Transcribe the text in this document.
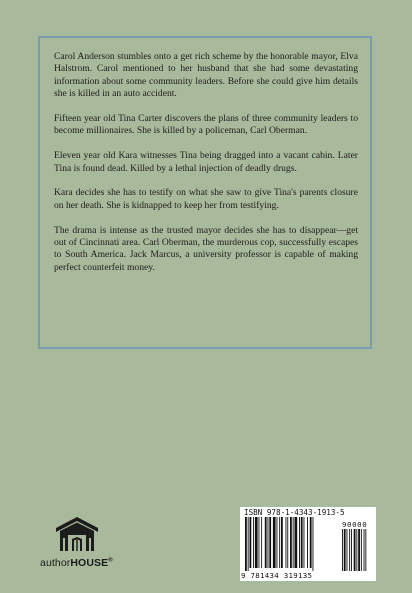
Carol Anderson stumbles onto a get rich scheme by the honorable mayor, Elva Halstrom. Carol mentioned to her husband that she had some devastating information about some community leaders. Before she could give him details she is killed in an auto accident.

Fifteen year old Tina Carter discovers the plans of three community leaders to become millionaires. She is killed by a policeman, Carl Oberman.

Eleven year old Kara witnesses Tina being dragged into a vacant cabin. Later Tina is found dead. Killed by a lethal injection of deadly drugs.

Kara decides she has to testify on what she saw to give Tina's parents closure on her death. She is kidnapped to keep her from testifying.

The drama is intense as the trusted mayor decides she has to disappear—get out of Cincinnati area. Carl Oberman, the murderous cop, successfully escapes to South America. Jack Marcus, a university professor is capable of making perfect counterfeit money.

authorHOUSE®
ISBN 978-1-4343-1913-5
9 781434 319135
90000
